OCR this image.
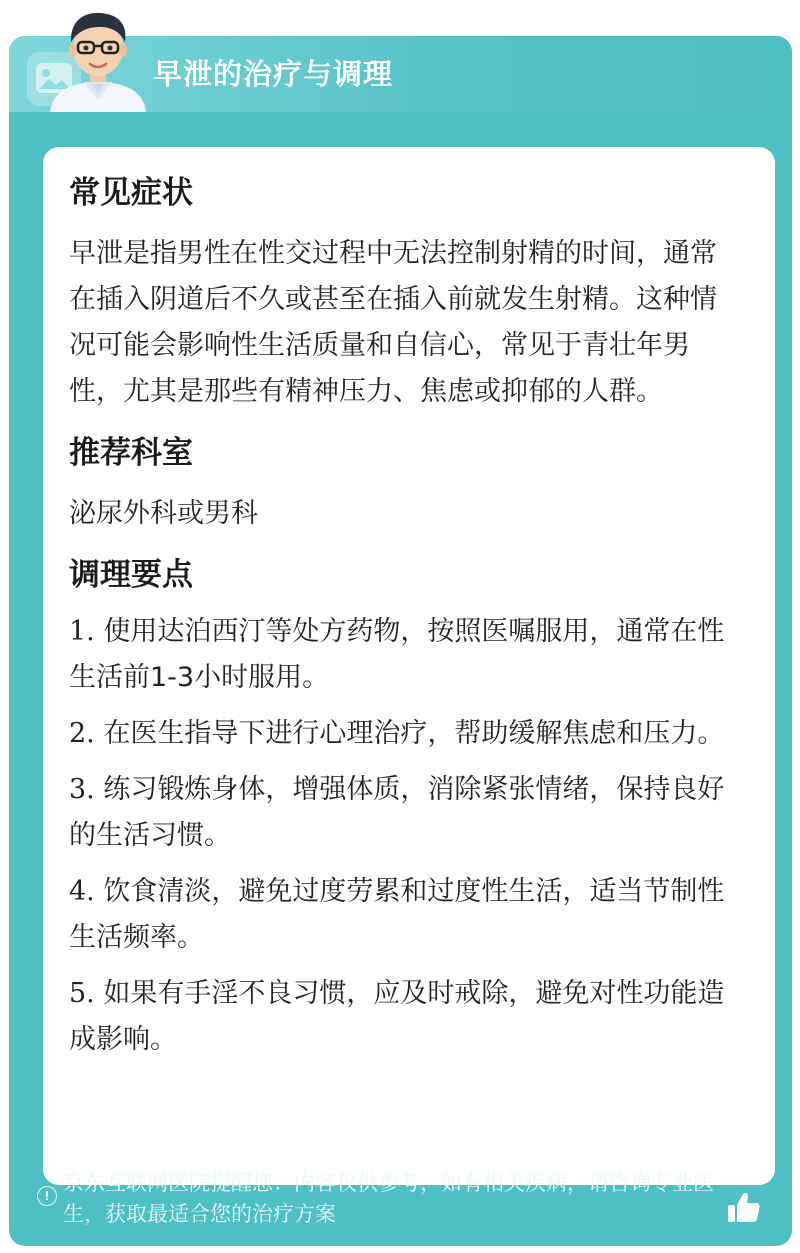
早泄的治疗与调理
常见症状

早泄是指男性在性交过程中无法控制射精的时间，通常在插入阴道后不久或甚至在插入前就发生射精。这种情况可能会影响性生活质量和自信心，常见于青壮年男性，尤其是那些有精神压力、焦虑或抑郁的人群。

推荐科室

泌尿外科或男科

调理要点

1. 使用达泊西汀等处方药物，按照医嘱服用，通常在性生活前1-3小时服用。

2. 在医生指导下进行心理治疗，帮助缓解焦虑和压力。

3. 练习锻炼身体，增强体质，消除紧张情绪，保持良好的生活习惯。

4. 饮食清淡，避免过度劳累和过度性生活，适当节制性生活频率。

5. 如果有手淫不良习惯，应及时戒除，避免对性功能造成影响。

!
京东互联网医院提醒您：内容仅供参考，如有相关疾病，请咨询专业医生，获取最适合您的治疗方案
